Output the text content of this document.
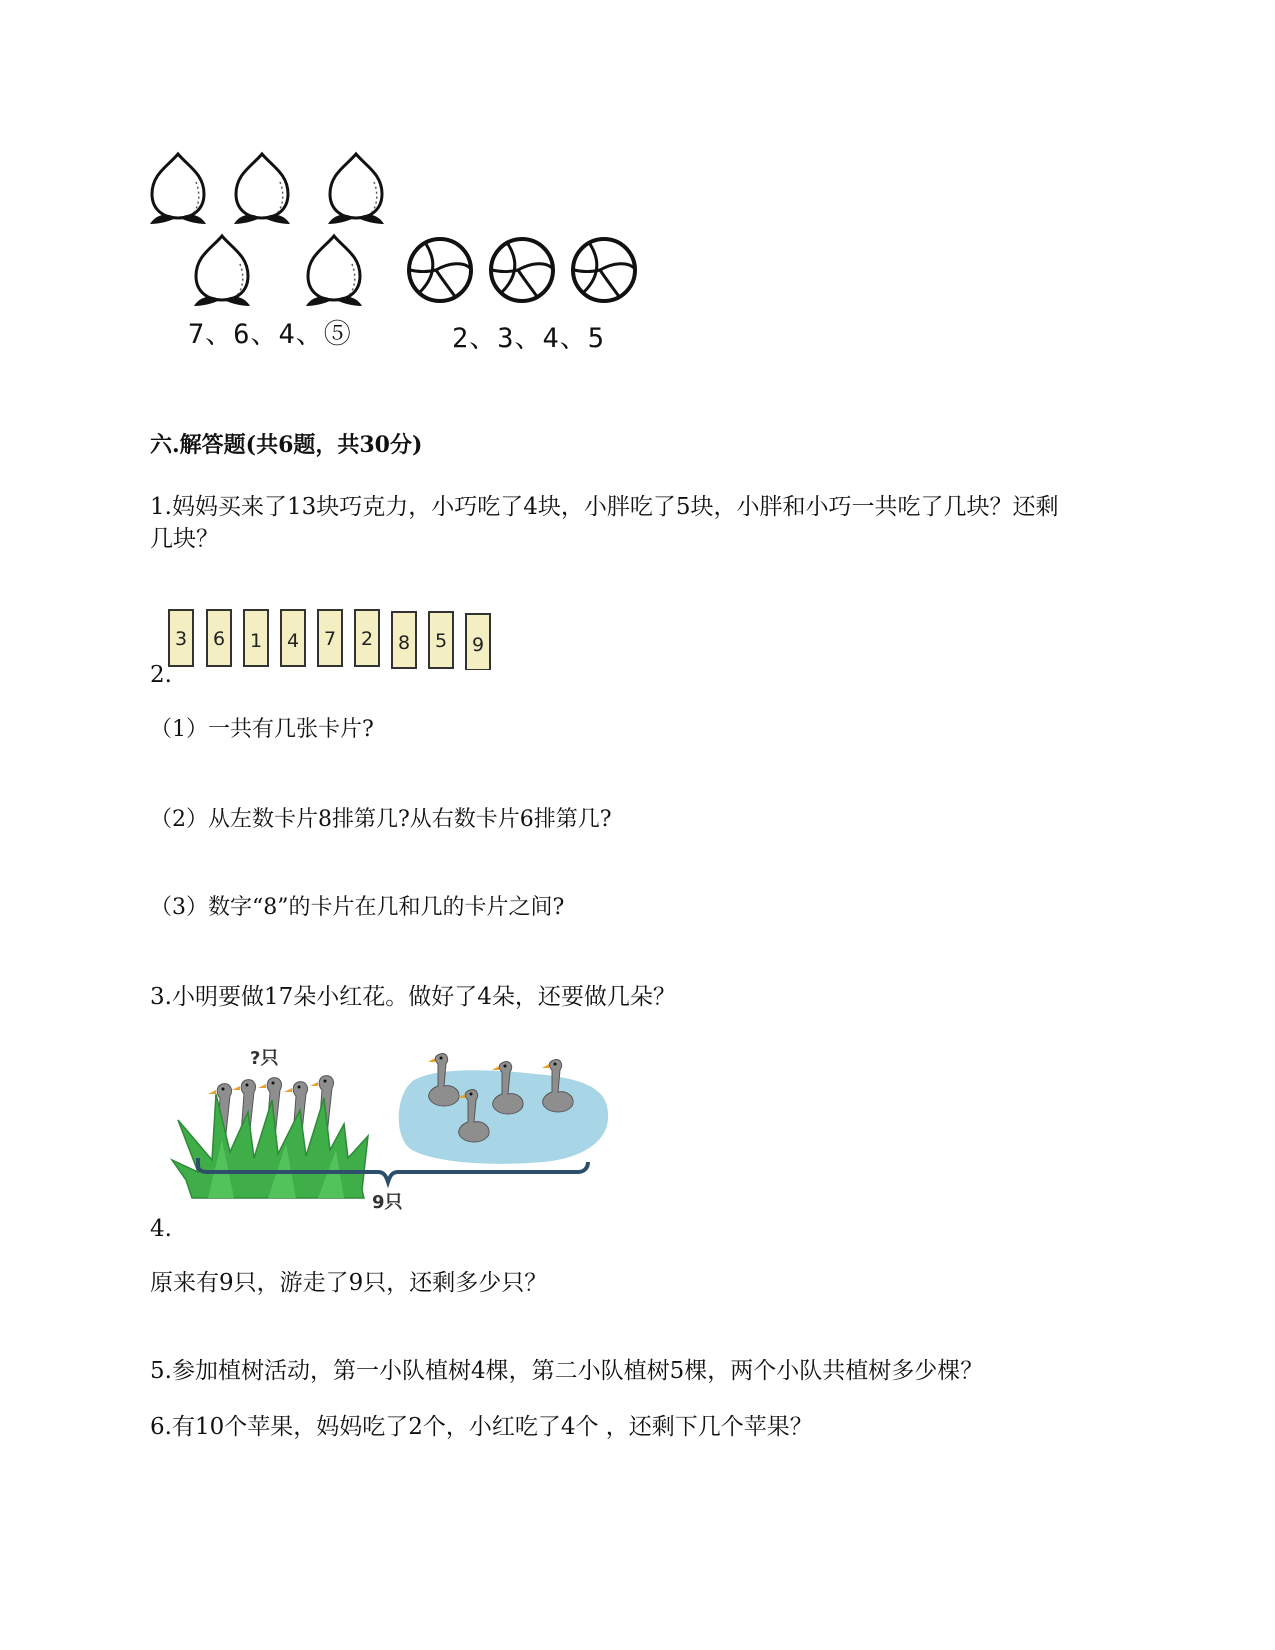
7、6、4、⑤	2、3、4、5
六.解答题(共6题，共30分)
1.妈妈买来了13块巧克力，小巧吃了4块，小胖吃了5块，小胖和小巧一共吃了几块？还剩
几块？
3 6 1 4 7 2 8 5 9
2.
（1）一共有几张卡片?
（2）从左数卡片8排第几?从右数卡片6排第几?
（3）数字“8”的卡片在几和几的卡片之间?
3.小明要做17朵小红花。做好了4朵，还要做几朵？
?只
9只
4.
原来有9只，游走了9只，还剩多少只？
5.参加植树活动，第一小队植树4棵，第二小队植树5棵，两个小队共植树多少棵？
6.有10个苹果，妈妈吃了2个，小红吃了4个 ，还剩下几个苹果？
